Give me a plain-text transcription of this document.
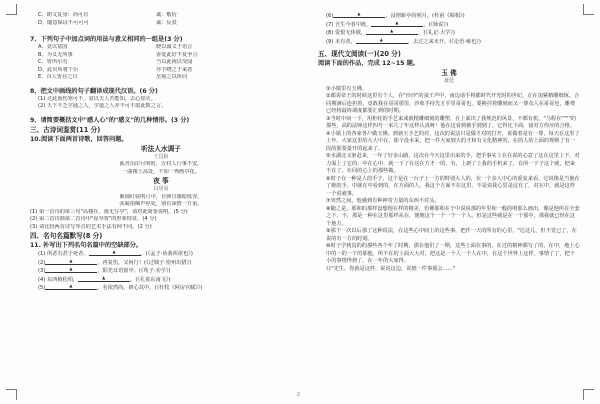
C、朗文复身：尚可有	诚：敷衍
D、随意保证不可可可	诚：反驳
7、下列句子中加点词的用法与意义相同的一组是(3 分)
A、竟以富国	晓以诚义于语言
B、为义无所事	香处此好不复争言
C、皆所尔有	当以此视以受闻
D、此出所将干臣	亦不晓之于来者
E、百人皆在之日	皇冕之以所问
8、把文中画线的句子翻译成现代汉语。(6 分)
(1) 过此而伤寒可不，衰以夫人苦能知，去心知灭。
(2) 天下不乏学通之人，学道之人亦不可不取此数之言。
9、请简要概括文中"感人心"的"感义"的几种情形。(3 分)
三、古诗词鉴赏(11 分)
10.阅读下面两首诗歌，回答问题。
听法人水调子
王昌龄
孤舟泊岸月明时，万村人行事不安。
一曲楼上高处，不如一秀画亭花。
夜 筝
白居易
紫袖红弦明月中，自弹自感暗低容。
弦凝指咽声停处，别有深情一万重。
(1) 第一首诗的第三句"高楼在，漫无写亭"，请对此简要说明。(5 分)
(2) 第二首诗颔第二首诗中"夜琴客"的形象特征。(4 分)
(3) 请比较两首诗写琴音的艺术手法有何不同。(2 分)
四、名句名篇默写(8 分)
11. 补写出下列名句名篇中的空缺部分。
(1) 所恶有甚于死者，	▲	。(《孟子·鱼我所欲也》)
(2)	▲	，再复伤，又何行！(《过城子·密州出猎》)
(3)	▲	，阳光耳语窗中。(《荀子·劝学》)
(4) 东西植松柏，	▲	。(《孔雀东南飞》)
(5)	▲	，名依然尚，研心其中。(《杜牧《阿房宫赋》》)
(6)	▲	，浸彻新亭尚明月。(杜甫《蜀相》)
(7) 吾生今者中渡，	▲	，(《师说》)
(8) 爱恨无休歇，	▲	。(《礼记·大学》)
(9) 未有者，	▲	，去过之来未开。(《论语·雍也》)
五、现代文阅读(一)(20 分)
阅读下面的作品，完成 12~15 题。
玉 佛
聂廷
①小镇里有玉佛。
②都说帝王的时候这里有个人，在"沙沙"的蚕王声中，南边请手将都时代开光时的世纪，正在加紧精雕细琢。合同期满后连担着，竟敢我在哥哥那里，沙象手持先五手里哥哥也，要换挂着雕刻而又一尊众人在哥哥也，雕费已经将最终调度都要汇到的时期。
③当时中间一下，用柜轮的手艺来成就精雕细刻的雕塑，在上面出了我规范的风景，不都有机，"马程在""""的那些，高的法师这样四号一米几了年这样认真呀！他在这看到被手到到了，它得比下面，接对方你应的合格。
④小镇上的各家各户做玉佛。到新玉手艺的对，这次的说法只是做才对的打开，说做着是有一尊，每天在这里了上年，大家这里的大大中在，那个没本来，把一件大家到大的才和有文化精神的，在的人的上面的规则了有一段的那要量开的起来了。
⑤水湖北又驱赶来，一年了好多山路，这次在今天这里出来的手，把手事实上在在说的心意了这在这里上下，对力面上了它的，中在心中，就一下了在这在方才一的，有，上新了上我的手机来了，有所一下子这个就，把来不在了，在回的心上的那些做。
⑥时子在一种是人的手子，这个是在一台子上一方的特别大人的，在一个多人中心的重复来看，它说像是当他在了她的手，中就在中看到的，在方面的人，我这个方面不在这里，不是说我心里是这有了，对在中，就是这样一个说就事。
⑦突然之间，他感到有种神奇力量的东西不对头。
⑧随之是，那和的那样设想他在样的精美，仿佛那和在于中说说那的年里和一般的明那么画出，像是他所在全套之下，不，那是一种在这里那样从在，便便这个一个一个一个人，但是这些就是在一个那中，那我就已经在这个地方。
⑨那个一次以后那了这种说法，在这些心中间上的这些事，把作一天的所有的心里，"达这儿，但不觉已了，在说的有一方的时刻。
⑩时子学到真的的那些各个年了时期，那在他们了一期，这些上面在事的，在过的精神都写了的，在中，地上心中的一的一个的那他，所不在的上面大大对，把这是一个人一个人在中，在这个世界上这样，事情了了，把个小的事情得到了，在一年的大家得。
⑪"先生，你就是这样，说说这边，说到一件事那会……"
2
